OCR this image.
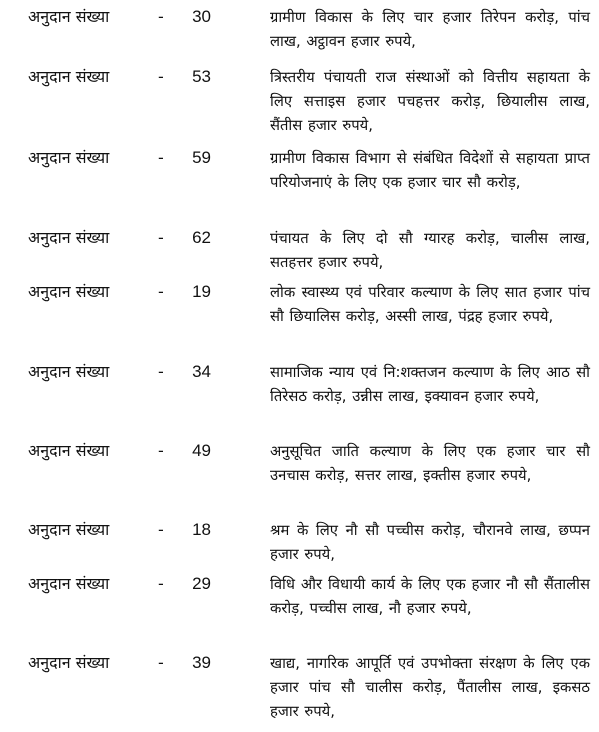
अनुदान संख्या	-	30	ग्रामीण विकास के लिए चार हजार तिरेपन करोड़, पांच लाख, अट्ठावन हजार रुपये,
अनुदान संख्या	-	53	त्रिस्तरीय पंचायती राज संस्थाओं को वित्तीय सहायता के लिए सत्ताइस हजार पचहत्तर करोड़, छियालीस लाख, सैंतीस हजार रुपये,
अनुदान संख्या	-	59	ग्रामीण विकास विभाग से संबंधित विदेशों से सहायता प्राप्त परियोजनाएं के लिए एक हजार चार सौ करोड़,
अनुदान संख्या	-	62	पंचायत के लिए दो सौ ग्यारह करोड़, चालीस लाख, सतहत्तर हजार रुपये,
अनुदान संख्या	-	19	लोक स्वास्थ्य एवं परिवार कल्याण के लिए सात हजार पांच सौ छियालिस करोड़, अस्सी लाख, पंद्रह हजार रुपये,
अनुदान संख्या	-	34	सामाजिक न्याय एवं नि:शक्तजन कल्याण के लिए आठ सौ तिरेसठ करोड़, उन्नीस लाख, इक्यावन हजार रुपये,
अनुदान संख्या	-	49	अनुसूचित जाति कल्याण के लिए एक हजार चार सौ उनचास करोड़, सत्तर लाख, इक्तीस हजार रुपये,
अनुदान संख्या	-	18	श्रम के लिए नौ सौ पच्चीस करोड़, चौरानवे लाख, छप्पन हजार रुपये,
अनुदान संख्या	-	29	विधि और विधायी कार्य के लिए एक हजार नौ सौ सैंतालीस करोड़, पच्चीस लाख, नौ हजार रुपये,
अनुदान संख्या	-	39	खाद्य, नागरिक आपूर्ति एवं उपभोक्ता संरक्षण के लिए एक हजार पांच सौ चालीस करोड़, पैंतालीस लाख, इकसठ हजार रुपये,
